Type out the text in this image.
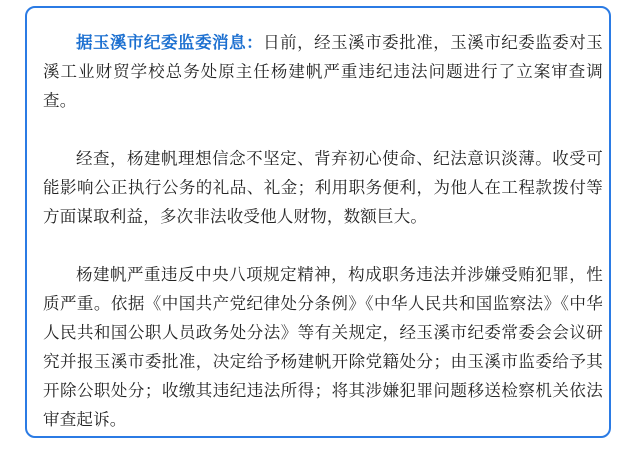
据玉溪市纪委监委消息：日前，经玉溪市委批准，玉溪市纪委监委对玉溪工业财贸学校总务处原主任杨建帆严重违纪违法问题进行了立案审查调查。

经查，杨建帆理想信念不坚定、背弃初心使命、纪法意识淡薄。收受可能影响公正执行公务的礼品、礼金；利用职务便利，为他人在工程款拨付等方面谋取利益，多次非法收受他人财物，数额巨大。

杨建帆严重违反中央八项规定精神，构成职务违法并涉嫌受贿犯罪，性质严重。依据《中国共产党纪律处分条例》《中华人民共和国监察法》《中华人民共和国公职人员政务处分法》等有关规定，经玉溪市纪委常委会会议研究并报玉溪市委批准，决定给予杨建帆开除党籍处分；由玉溪市监委给予其开除公职处分；收缴其违纪违法所得；将其涉嫌犯罪问题移送检察机关依法审查起诉。
